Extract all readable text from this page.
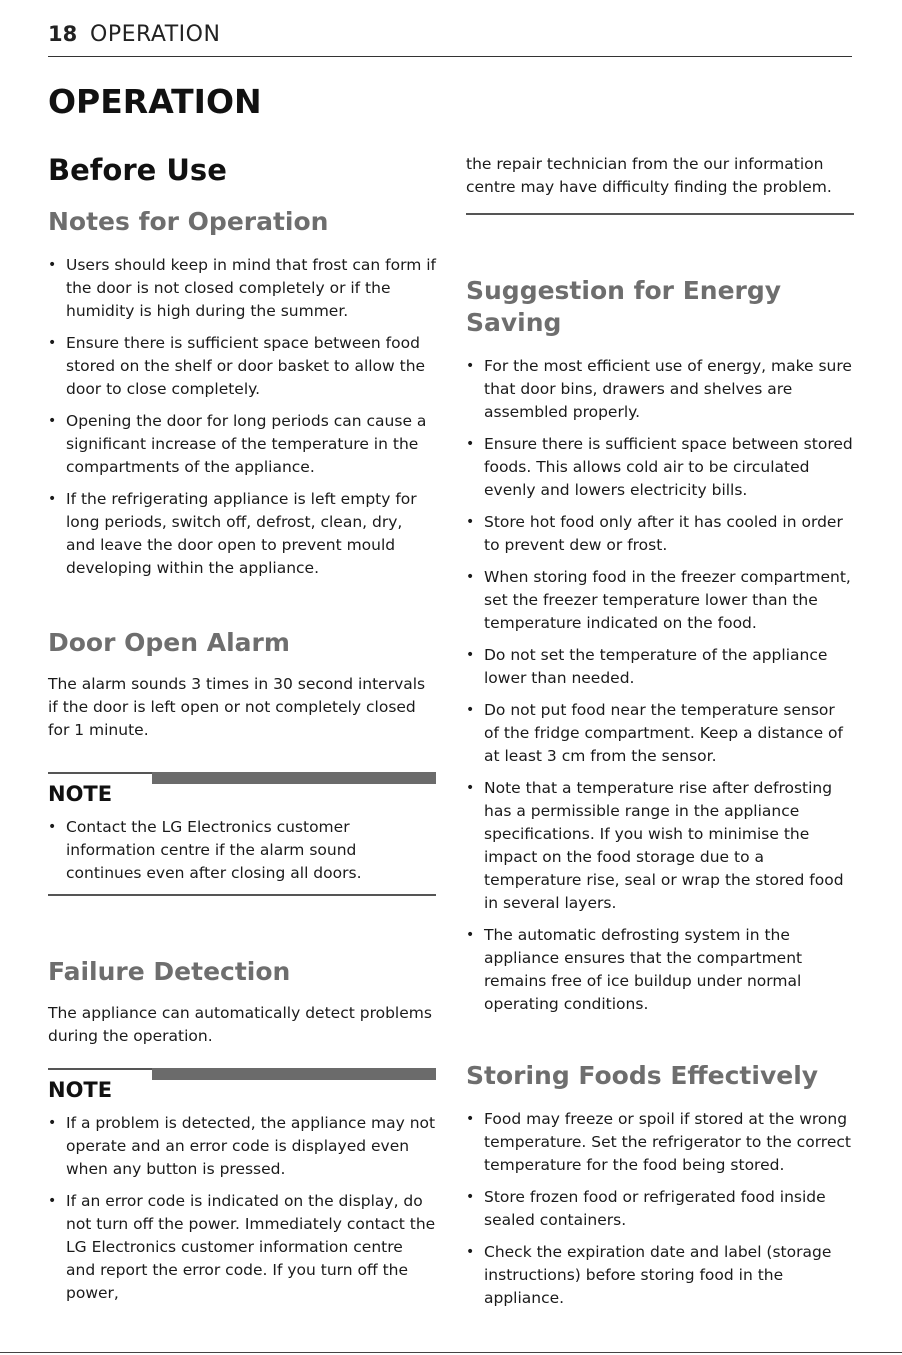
18 OPERATION
OPERATION
Before Use
Notes for Operation
• Users should keep in mind that frost can form if the door is not closed completely or if the humidity is high during the summer.
• Ensure there is sufficient space between food stored on the shelf or door basket to allow the door to close completely.
• Opening the door for long periods can cause a significant increase of the temperature in the compartments of the appliance.
• If the refrigerating appliance is left empty for long periods, switch off, defrost, clean, dry, and leave the door open to prevent mould developing within the appliance.
Door Open Alarm
The alarm sounds 3 times in 30 second intervals if the door is left open or not completely closed for 1 minute.
NOTE
• Contact the LG Electronics customer information centre if the alarm sound continues even after closing all doors.
Failure Detection
The appliance can automatically detect problems during the operation.
NOTE
• If a problem is detected, the appliance may not operate and an error code is displayed even when any button is pressed.
• If an error code is indicated on the display, do not turn off the power. Immediately contact the LG Electronics customer information centre and report the error code. If you turn off the power,
the repair technician from the our information centre may have difficulty finding the problem.
Suggestion for Energy Saving
• For the most efficient use of energy, make sure that door bins, drawers and shelves are assembled properly.
• Ensure there is sufficient space between stored foods. This allows cold air to be circulated evenly and lowers electricity bills.
• Store hot food only after it has cooled in order to prevent dew or frost.
• When storing food in the freezer compartment, set the freezer temperature lower than the temperature indicated on the food.
• Do not set the temperature of the appliance lower than needed.
• Do not put food near the temperature sensor of the fridge compartment. Keep a distance of at least 3 cm from the sensor.
• Note that a temperature rise after defrosting has a permissible range in the appliance specifications. If you wish to minimise the impact on the food storage due to a temperature rise, seal or wrap the stored food in several layers.
• The automatic defrosting system in the appliance ensures that the compartment remains free of ice buildup under normal operating conditions.
Storing Foods Effectively
• Food may freeze or spoil if stored at the wrong temperature. Set the refrigerator to the correct temperature for the food being stored.
• Store frozen food or refrigerated food inside sealed containers.
• Check the expiration date and label (storage instructions) before storing food in the appliance.
